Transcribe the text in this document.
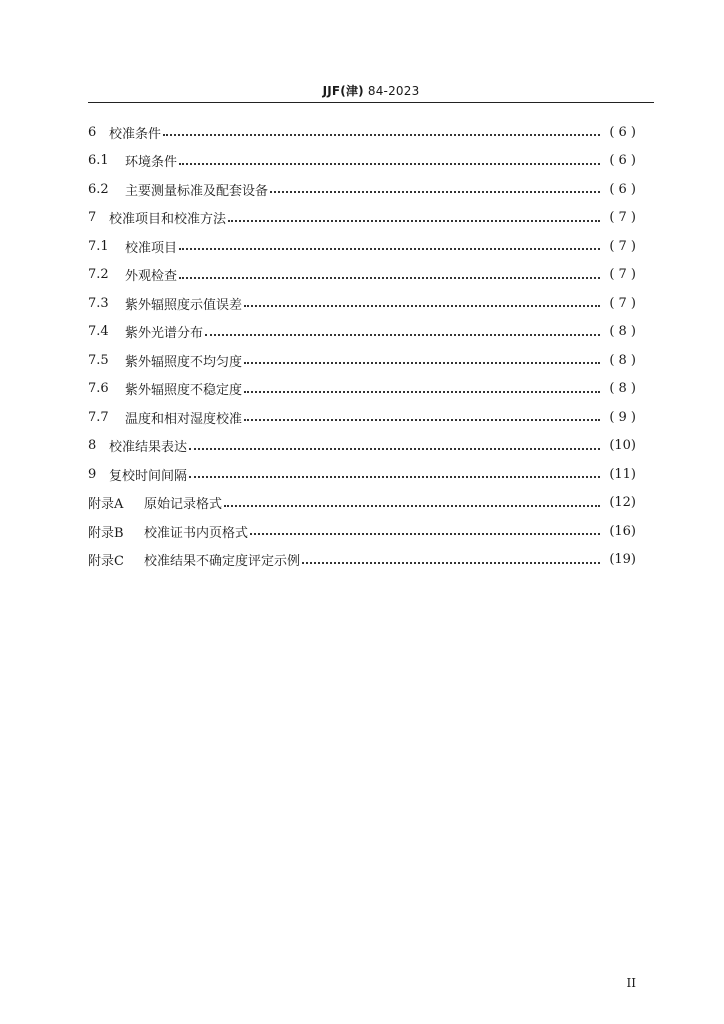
JJF(津) 84-2023
6 校准条件	( 6 )
6.1	环境条件	( 6 )
6.2	主要测量标准及配套设备	( 6 )
7 校准项目和校准方法	( 7 )
7.1	校准项目	( 7 )
7.2	外观检查	( 7 )
7.3	紫外辐照度示值误差	( 7 )
7.4	紫外光谱分布	( 8 )
7.5	紫外辐照度不均匀度	( 8 )
7.6	紫外辐照度不稳定度	( 8 )
7.7	温度和相对湿度校准	( 9 )
8 校准结果表达	(10)
9 复校时间间隔	(11)
附录A	原始记录格式	(12)
附录B	校准证书内页格式	(16)
附录C	校准结果不确定度评定示例	(19)
II
